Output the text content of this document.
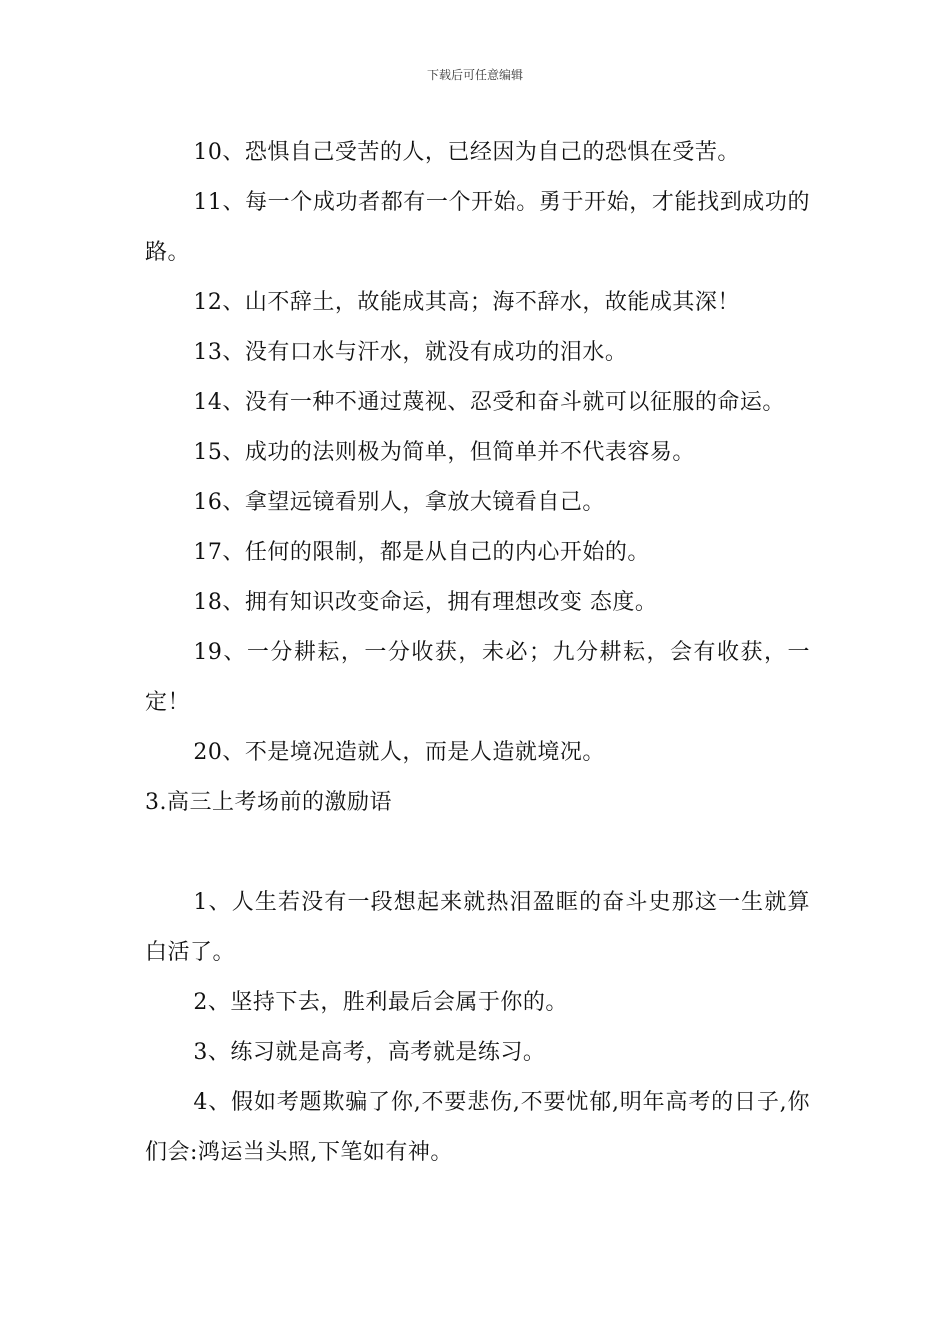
下载后可任意编辑

10、恐惧自己受苦的人，已经因为自己的恐惧在受苦。

11、每一个成功者都有一个开始。勇于开始，才能找到成功的路。

12、山不辞土，故能成其高；海不辞水，故能成其深！

13、没有口水与汗水，就没有成功的泪水。

14、没有一种不通过蔑视、忍受和奋斗就可以征服的命运。

15、成功的法则极为简单，但简单并不代表容易。

16、拿望远镜看别人，拿放大镜看自己。

17、任何的限制，都是从自己的内心开始的。

18、拥有知识改变命运，拥有理想改变 态度。

19、一分耕耘，一分收获，未必；九分耕耘，会有收获，一定！

20、不是境况造就人，而是人造就境况。

3.高三上考场前的激励语

1、人生若没有一段想起来就热泪盈眶的奋斗史那这一生就算白活了。

2、坚持下去，胜利最后会属于你的。

3、练习就是高考，高考就是练习。

4、假如考题欺骗了你,不要悲伤,不要忧郁,明年高考的日子,你们会:鸿运当头照,下笔如有神。
